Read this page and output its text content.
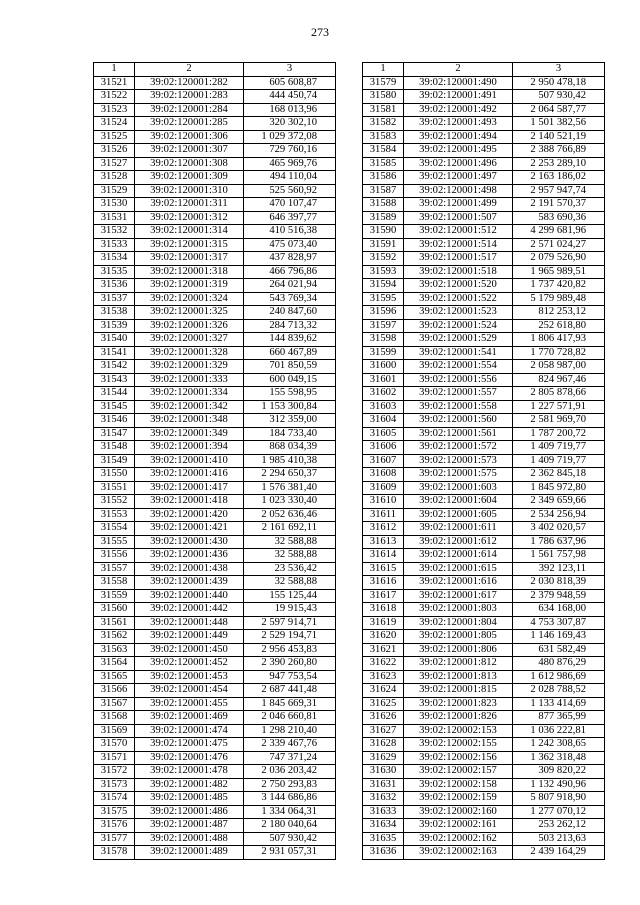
273
1	2	3
31521	39:02:120001:282	605 608,87
31522	39:02:120001:283	444 450,74
31523	39:02:120001:284	168 013,96
31524	39:02:120001:285	320 302,10
31525	39:02:120001:306	1 029 372,08
31526	39:02:120001:307	729 760,16
31527	39:02:120001:308	465 969,76
31528	39:02:120001:309	494 110,04
31529	39:02:120001:310	525 560,92
31530	39:02:120001:311	470 107,47
31531	39:02:120001:312	646 397,77
31532	39:02:120001:314	410 516,38
31533	39:02:120001:315	475 073,40
31534	39:02:120001:317	437 828,97
31535	39:02:120001:318	466 796,86
31536	39:02:120001:319	264 021,94
31537	39:02:120001:324	543 769,34
31538	39:02:120001:325	240 847,60
31539	39:02:120001:326	284 713,32
31540	39:02:120001:327	144 839,62
31541	39:02:120001:328	660 467,89
31542	39:02:120001:329	701 850,59
31543	39:02:120001:333	600 049,15
31544	39:02:120001:334	155 598,95
31545	39:02:120001:342	1 153 300,84
31546	39:02:120001:348	312 359,00
31547	39:02:120001:349	184 733,40
31548	39:02:120001:394	868 034,39
31549	39:02:120001:410	1 985 410,38
31550	39:02:120001:416	2 294 650,37
31551	39:02:120001:417	1 576 381,40
31552	39:02:120001:418	1 023 330,40
31553	39:02:120001:420	2 052 636,46
31554	39:02:120001:421	2 161 692,11
31555	39:02:120001:430	32 588,88
31556	39:02:120001:436	32 588,88
31557	39:02:120001:438	23 536,42
31558	39:02:120001:439	32 588,88
31559	39:02:120001:440	155 125,44
31560	39:02:120001:442	19 915,43
31561	39:02:120001:448	2 597 914,71
31562	39:02:120001:449	2 529 194,71
31563	39:02:120001:450	2 956 453,83
31564	39:02:120001:452	2 390 260,80
31565	39:02:120001:453	947 753,54
31566	39:02:120001:454	2 687 441,48
31567	39:02:120001:455	1 845 669,31
31568	39:02:120001:469	2 046 660,81
31569	39:02:120001:474	1 298 210,40
31570	39:02:120001:475	2 339 467,76
31571	39:02:120001:476	747 371,24
31572	39:02:120001:478	2 036 203,42
31573	39:02:120001:482	2 750 293,83
31574	39:02:120001:485	3 144 686,86
31575	39:02:120001:486	1 334 064,31
31576	39:02:120001:487	2 180 040,64
31577	39:02:120001:488	507 930,42
31578	39:02:120001:489	2 931 057,31
1	2	3
31579	39:02:120001:490	2 950 478,18
31580	39:02:120001:491	507 930,42
31581	39:02:120001:492	2 064 587,77
31582	39:02:120001:493	1 501 382,56
31583	39:02:120001:494	2 140 521,19
31584	39:02:120001:495	2 388 766,89
31585	39:02:120001:496	2 253 289,10
31586	39:02:120001:497	2 163 186,02
31587	39:02:120001:498	2 957 947,74
31588	39:02:120001:499	2 191 570,37
31589	39:02:120001:507	583 690,36
31590	39:02:120001:512	4 299 681,96
31591	39:02:120001:514	2 571 024,27
31592	39:02:120001:517	2 079 526,90
31593	39:02:120001:518	1 965 989,51
31594	39:02:120001:520	1 737 420,82
31595	39:02:120001:522	5 179 989,48
31596	39:02:120001:523	812 253,12
31597	39:02:120001:524	252 618,80
31598	39:02:120001:529	1 806 417,93
31599	39:02:120001:541	1 770 728,82
31600	39:02:120001:554	2 058 987,00
31601	39:02:120001:556	824 967,46
31602	39:02:120001:557	2 805 878,66
31603	39:02:120001:558	1 227 571,91
31604	39:02:120001:560	2 581 969,70
31605	39:02:120001:561	1 787 200,72
31606	39:02:120001:572	1 409 719,77
31607	39:02:120001:573	1 409 719,77
31608	39:02:120001:575	2 362 845,18
31609	39:02:120001:603	1 845 972,80
31610	39:02:120001:604	2 349 659,66
31611	39:02:120001:605	2 534 256,94
31612	39:02:120001:611	3 402 020,57
31613	39:02:120001:612	1 786 637,96
31614	39:02:120001:614	1 561 757,98
31615	39:02:120001:615	392 123,11
31616	39:02:120001:616	2 030 818,39
31617	39:02:120001:617	2 379 948,59
31618	39:02:120001:803	634 168,00
31619	39:02:120001:804	4 753 307,87
31620	39:02:120001:805	1 146 169,43
31621	39:02:120001:806	631 582,49
31622	39:02:120001:812	480 876,29
31623	39:02:120001:813	1 612 986,69
31624	39:02:120001:815	2 028 788,52
31625	39:02:120001:823	1 133 414,69
31626	39:02:120001:826	877 365,99
31627	39:02:120002:153	1 036 222,81
31628	39:02:120002:155	1 242 308,65
31629	39:02:120002:156	1 362 318,48
31630	39:02:120002:157	309 820,22
31631	39:02:120002:158	1 132 490,96
31632	39:02:120002:159	5 807 918,90
31633	39:02:120002:160	1 277 070,12
31634	39:02:120002:161	253 262,12
31635	39:02:120002:162	503 213,63
31636	39:02:120002:163	2 439 164,29
